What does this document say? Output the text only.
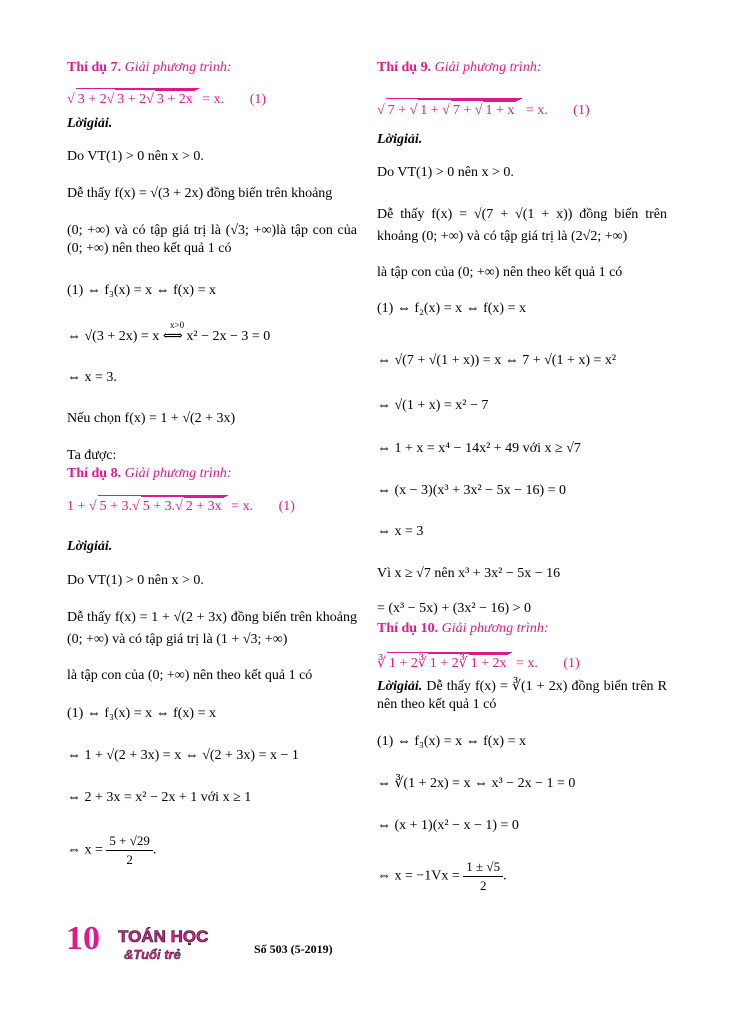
Thí dụ 7. Giải phương trình:
√ 3 + 2√ 3 + 2√ 3 + 2x = x. (1)
Lờigiải.
Do VT(1) > 0 nên x > 0.
Dễ thấy f(x) = √(3 + 2x) đồng biến trên khoảng
(0; +∞) và có tập giá trị là (√3; +∞)là tập con của (0; +∞) nên theo kết quả 1 có
(1) ⇔ f₃(x) = x ⇔ f(x) = x
⇔ √(3 + 2x) = x ⟺ x² − 2x − 3 = 0
x>0
⇔ x = 3.
Nếu chọn f(x) = 1 + √(2 + 3x)
Ta được:
Thí dụ 8. Giải phương trình:
1 + √ 5 + 3.√ 5 + 3.√ 2 + 3x = x. (1)
Lờigiải.
Do VT(1) > 0 nên x > 0.
Dễ thấy f(x) = 1 + √(2 + 3x) đồng biến trên khoảng (0; +∞) và có tập giá trị là (1 + √3; +∞)
là tập con của (0; +∞) nên theo kết quả 1 có
(1) ⇔ f₃(x) = x ⇔ f(x) = x
⇔ 1 + √(2 + 3x) = x ⇔ √(2 + 3x) = x − 1
⇔ 2 + 3x = x² − 2x + 1 với x ≥ 1
⇔ $x = \frac{5 + √29}{2}$ .
Thí dụ 9. Giải phương trình:
√ 7 + √ 1 + √ 7 + √ 1 + x = x. (1)
Lờigiải.
Do VT(1) > 0 nên x > 0.
Dễ thấy f(x) = √(7 + √(1 + x)) đồng biến trên khoảng (0; +∞) và có tập giá trị là (2√2; +∞)
là tập con của (0; +∞) nên theo kết quả 1 có
(1) ⇔ f₂(x) = x ⇔ f(x) = x
⇔ √(7 + √(1 + x)) = x ⇔ 7 + √(1 + x) = x²
⇔ √(1 + x) = x² − 7
⇔ 1 + x = x⁴ − 14x² + 49 với x ≥ √7
⇔ (x − 3)(x³ + 3x² − 5x − 16) = 0
⇔ x = 3
Vì x ≥ √7 nên x³ + 3x² − 5x − 16
= (x³ − 5x) + (3x² − 16) > 0
Thí dụ 10. Giải phương trình:
∛ 1 + 2∛ 1 + 2∛ 1 + 2x = x. (1)
Lờigiải. Dễ thấy f(x) = ∛(1 + 2x) đồng biến trên R nên theo kết quả 1 có
(1) ⇔ f₃(x) = x ⇔ f(x) = x
⇔ ∛(1 + 2x) = x ⇔ x³ − 2x − 1 = 0
⇔ (x + 1)(x² − x − 1) = 0
⇔ $x = -1Vx = \frac{1 \pm √5}{2}$ .
10 TOÁN HỌC
&Tuổi trẻ	Số 503 (5-2019)
